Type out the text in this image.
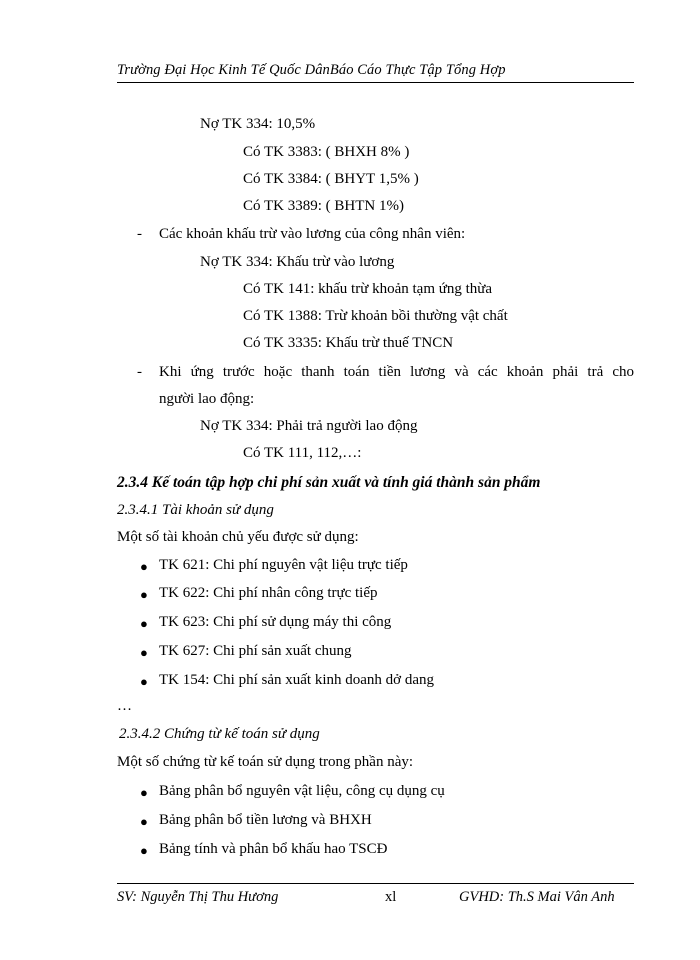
Trường Đại Học Kinh Tế Quốc DânBáo Cáo Thực Tập Tổng Hợp
Nợ TK 334: 10,5%
Có TK 3383: ( BHXH 8% )
Có TK 3384: ( BHYT 1,5% )
Có TK 3389: ( BHTN 1%)
- Các khoản khấu trừ vào lương của công nhân viên:
Nợ TK 334: Khấu trừ vào lương
Có TK 141: khấu trừ khoản tạm ứng thừa
Có TK 1388: Trừ khoản bồi thường vật chất
Có TK 3335: Khấu trừ thuế TNCN
- Khi ứng trước hoặc thanh toán tiền lương và các khoản phải trả cho
người lao động:
Nợ TK 334: Phải trả người lao động
Có TK 111, 112,…:
2.3.4 Kế toán tập hợp chi phí sản xuất và tính giá thành sản phẩm
2.3.4.1 Tài khoản sử dụng
Một số tài khoản chủ yếu được sử dụng:
● TK 621: Chi phí nguyên vật liệu trực tiếp
● TK 622: Chi phí nhân công trực tiếp
● TK 623: Chi phí sử dụng máy thi công
● TK 627: Chi phí sản xuất chung
● TK 154: Chi phí sản xuất kinh doanh dở dang
…
2.3.4.2 Chứng từ kế toán sử dụng
Một số chứng từ kế toán sử dụng trong phần này:
● Bảng phân bổ nguyên vật liệu, công cụ dụng cụ
● Bảng phân bổ tiền lương và BHXH
● Bảng tính và phân bổ khấu hao TSCĐ
SV: Nguyễn Thị Thu Hương	xl	GVHD: Th.S Mai Vân Anh
